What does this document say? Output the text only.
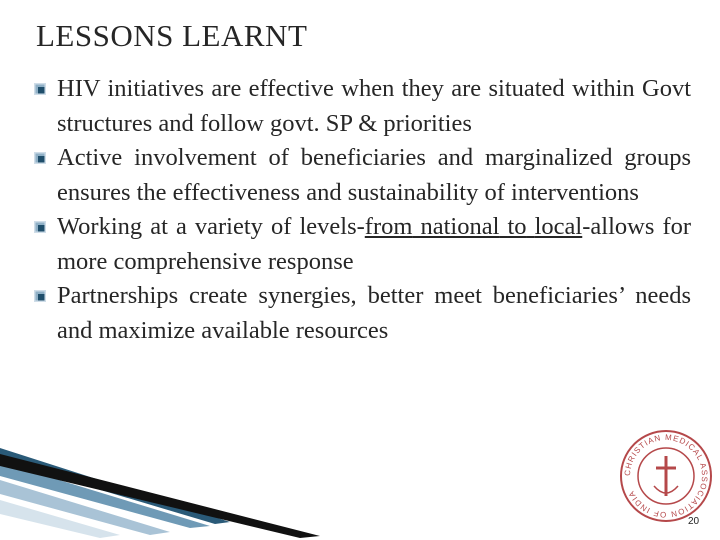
LESSONS LEARNT
HIV initiatives are effective when they are situated within Govt structures and follow govt. SP & priorities
Active involvement of beneficiaries and marginalized groups ensures the effectiveness and sustainability of interventions
Working at a variety of levels-from national to local-allows for more comprehensive response
Partnerships create synergies, better meet beneficiaries’ needs and maximize available resources
CHRISTIAN MEDICAL ASSOCIATION OF INDIA
20
